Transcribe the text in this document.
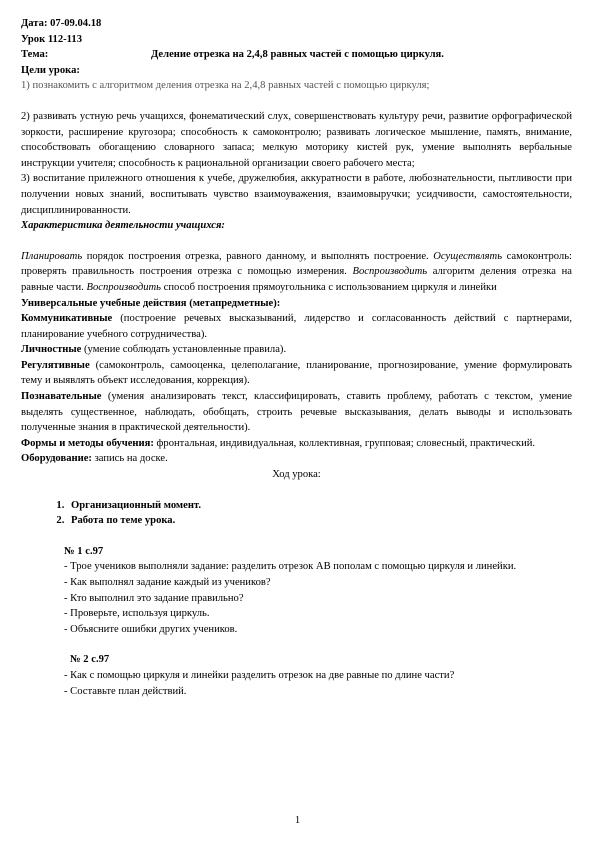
Дата: 07-09.04.18

Урок 112-113

Тема:	Деление отрезка на 2,4,8 равных частей с помощью циркуля.

Цели урока:

1) познакомить с алгоритмом деления отрезка на 2,4,8 равных частей с помощью циркуля;

2) развивать устную речь учащихся, фонематический слух, совершенствовать культуру речи, развитие орфографической зоркости, расширение кругозора; способность к самоконтролю; развивать логическое мышление, память, внимание, способствовать обогащению словарного запаса; мелкую моторику кистей рук, умение выполнять вербальные инструкции учителя; способность к рациональной организации своего рабочего места;

3) воспитание прилежного отношения к учебе, дружелюбия, аккуратности в работе, любознательности, пытливости при получении новых знаний, воспитывать чувство взаимоуважения, взаимовыручки; усидчивости, самостоятельности, дисциплинированности.

Характеристика деятельности учащихся:

Планировать порядок построения отрезка, равного данному, и выполнять построение. Осуществлять самоконтроль: проверять правильность построения отрезка с помощью измерения. Воспроизводить алгоритм деления отрезка на равные части. Воспроизводить способ построения прямоугольника с использованием циркуля и линейки

Универсальные учебные действия (метапредметные):

Коммуникативные (построение речевых высказываний, лидерство и согласованность действий с партнерами, планирование учебного сотрудничества).

Личностные (умение соблюдать установленные правила).

Регулятивные (самоконтроль, самооценка, целеполагание, планирование, прогнозирование, умение формулировать тему и выявлять объект исследования, коррекция).

Познавательные (умения анализировать текст, классифицировать, ставить проблему, работать с текстом, умение выделять существенное, наблюдать, обобщать, строить речевые высказывания, делать выводы и использовать полученные знания в практической деятельности).

Формы и методы обучения: фронтальная, индивидуальная, коллективная, групповая; словесный, практический.

Оборудование: запись на доске.

Ход урока:

1. Организационный момент.
2. Работа по теме урока.

№ 1 с.97

- Трое учеников выполняли задание: разделить отрезок АВ пополам с помощью циркуля и линейки.

- Как выполнял задание каждый из учеников?

- Кто выполнил это задание правильно?

- Проверьте, используя циркуль.

- Объясните ошибки других учеников.

№ 2 с.97

- Как с помощью циркуля и линейки разделить отрезок на две равные по длине части?

- Составьте план действий.

1
